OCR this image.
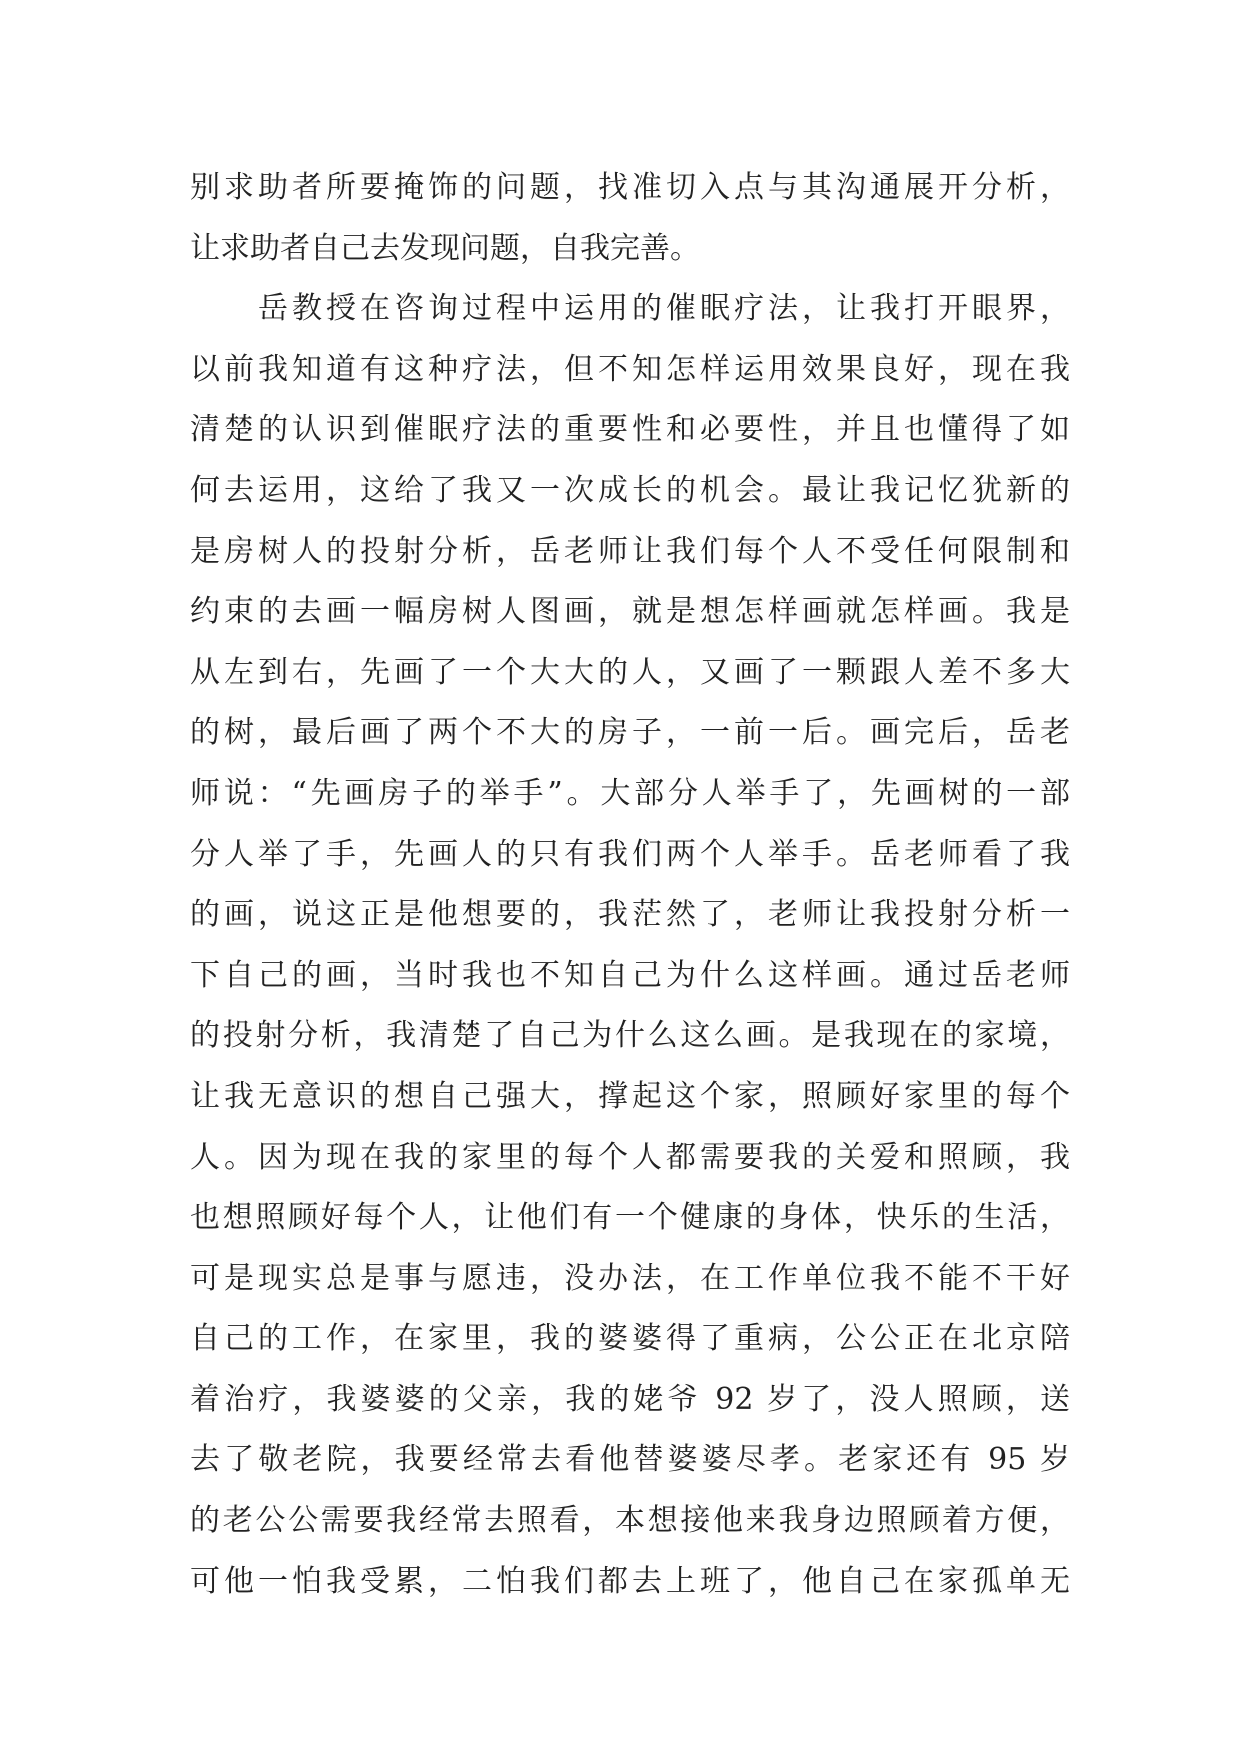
别求助者所要掩饰的问题，找准切入点与其沟通展开分析，
让求助者自己去发现问题，自我完善。
　　岳教授在咨询过程中运用的催眠疗法，让我打开眼界，
以前我知道有这种疗法，但不知怎样运用效果良好，现在我
清楚的认识到催眠疗法的重要性和必要性，并且也懂得了如
何去运用，这给了我又一次成长的机会。最让我记忆犹新的
是房树人的投射分析，岳老师让我们每个人不受任何限制和
约束的去画一幅房树人图画，就是想怎样画就怎样画。我是
从左到右，先画了一个大大的人，又画了一颗跟人差不多大
的树，最后画了两个不大的房子，一前一后。画完后，岳老
师说：“先画房子的举手”。大部分人举手了，先画树的一部
分人举了手，先画人的只有我们两个人举手。岳老师看了我
的画，说这正是他想要的，我茫然了，老师让我投射分析一
下自己的画，当时我也不知自己为什么这样画。通过岳老师
的投射分析，我清楚了自己为什么这么画。是我现在的家境，
让我无意识的想自己强大，撑起这个家，照顾好家里的每个
人。因为现在我的家里的每个人都需要我的关爱和照顾，我
也想照顾好每个人，让他们有一个健康的身体，快乐的生活，
可是现实总是事与愿违，没办法，在工作单位我不能不干好
自己的工作，在家里，我的婆婆得了重病，公公正在北京陪
着治疗，我婆婆的父亲，我的姥爷 92 岁了，没人照顾，送
去了敬老院，我要经常去看他替婆婆尽孝。老家还有 95 岁
的老公公需要我经常去照看，本想接他来我身边照顾着方便，
可他一怕我受累，二怕我们都去上班了，他自己在家孤单无
